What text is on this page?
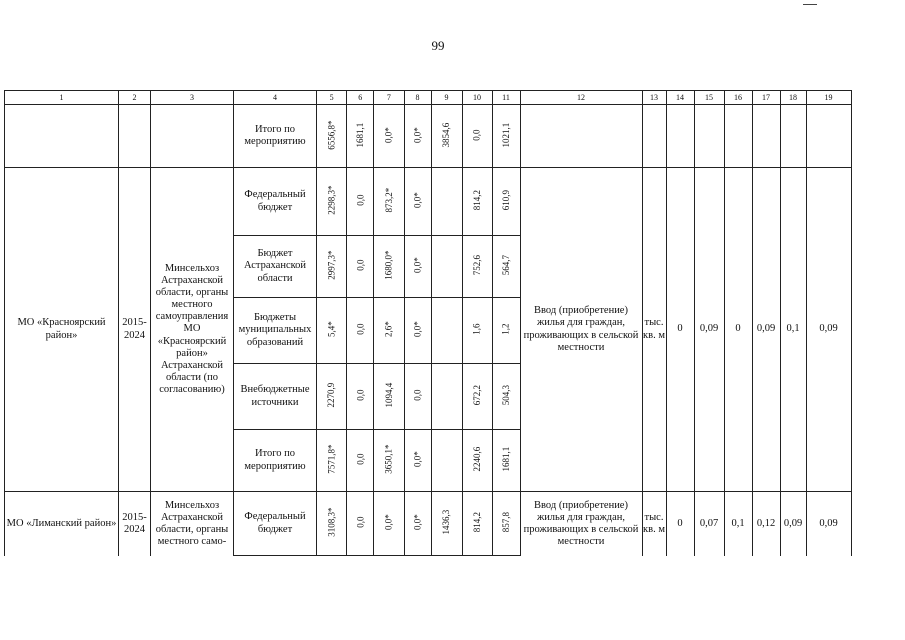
99
1	2	3	4	5	6	7	8	9	10	11	12	13	14	15	16	17	18	19
			Итого по мероприятию	6556,8*	1681,1	0,0*	0,0*	3854,6	0,0	1021,1								
МО «Красноярский район»	2015-2024	Минсельхоз Астраханской области, органы местного самоуправления МО «Красноярский район» Астраханской области (по согласованию)	Федеральный бюджет	2298,3*	0,0	873,2*	0,0*		814,2	610,9	Ввод (приобретение) жилья для граждан, проживающих в сельской местности	тыс. кв. м	0	0,09	0	0,09	0,1	0,09
			Бюджет Астраханской области	2997,3*	0,0	1680,0*	0,0*		752,6	564,7								
			Бюджеты муниципальных образований	5,4*	0,0	2,6*	0,0*		1,6	1,2								
			Внебюджетные источники	2270,9	0,0	1094,4	0,0		672,2	504,3								
			Итого по мероприятию	7571,8*	0,0	3650,1*	0,0*		2240,6	1681,1								
МО «Лиманский район»	2015-2024	Минсельхоз Астраханской области, органы местного само-	Федеральный бюджет	3108,3*	0,0	0,0*	0,0*	1436,3	814,2	857,8	Ввод (приобретение) жилья для граждан, проживающих в сельской местности	тыс. кв. м	0	0,07	0,1	0,12	0,09	0,09
